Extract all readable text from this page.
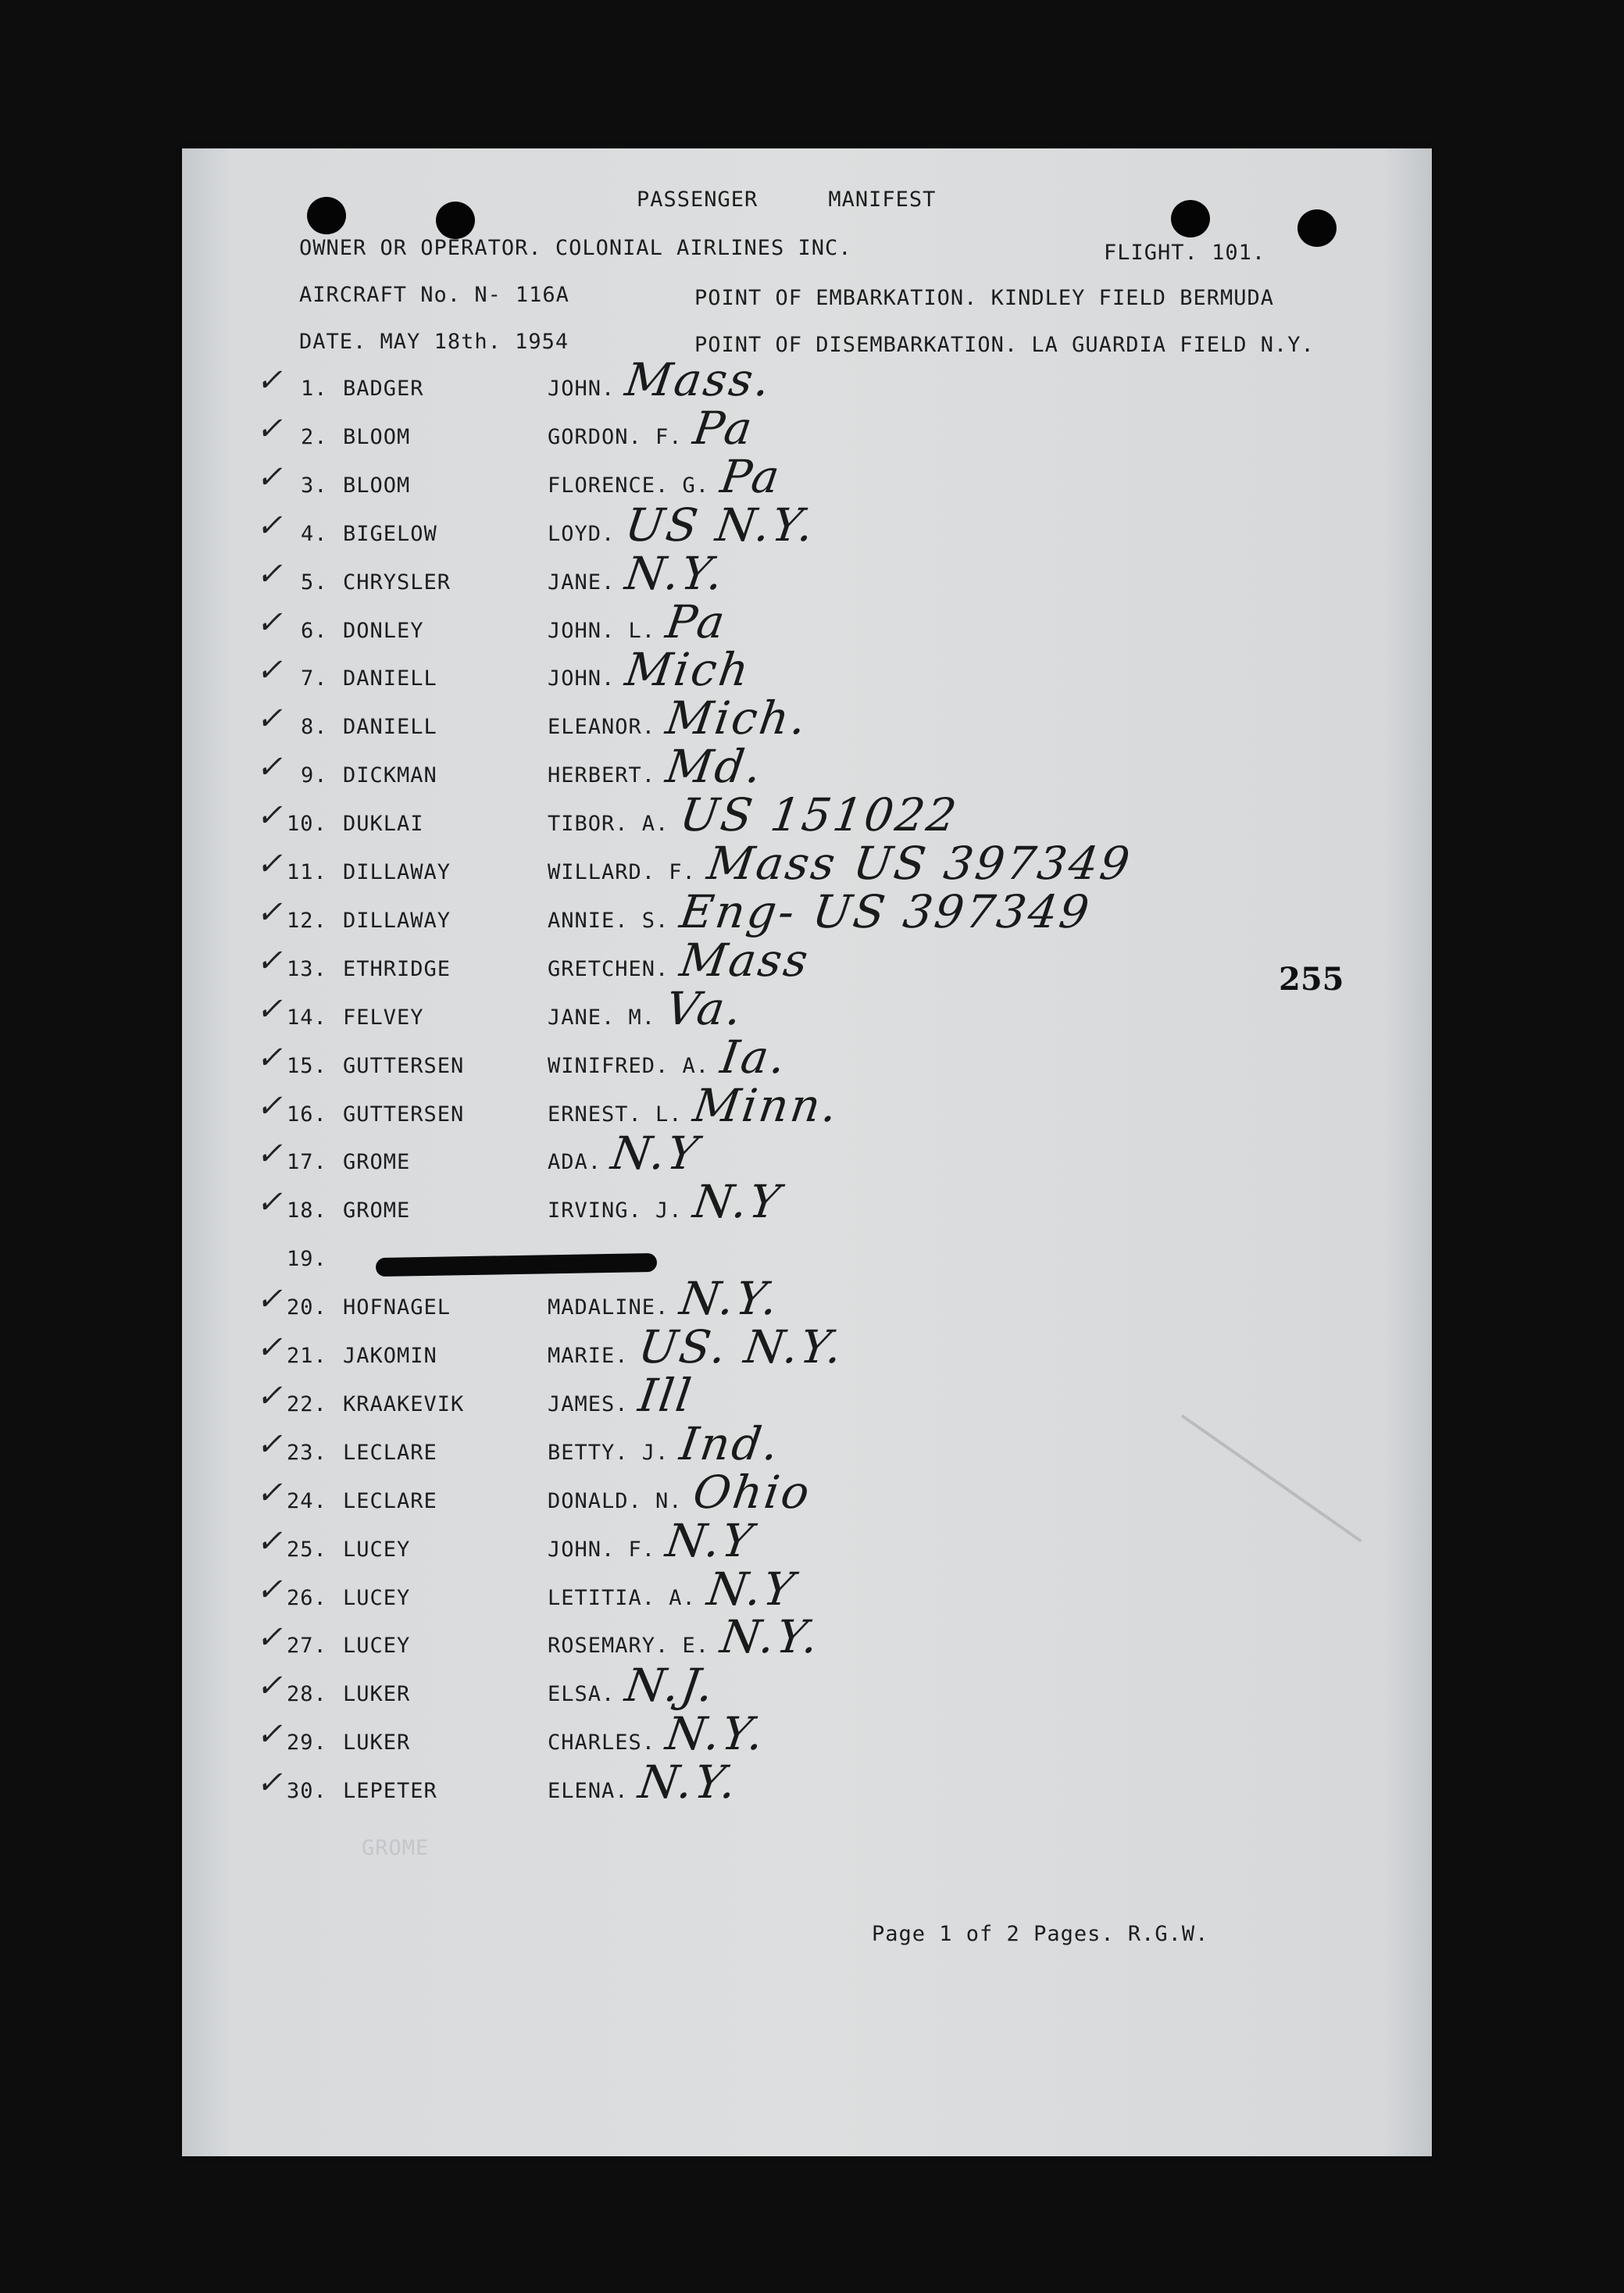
GROME
PASSENGER	MANIFEST
OWNER OR OPERATOR. COLONIAL AIRLINES INC.	FLIGHT. 101.
AIRCRAFT No. N- 116A	POINT OF EMBARKATION. KINDLEY FIELD BERMUDA
DATE. MAY 18th. 1954	POINT OF DISEMBARKATION. LA GUARDIA FIELD N.Y.
✓ 1. BADGER	JOHN. Mass.
✓ 2. BLOOM	GORDON. F. Pa
✓ 3. BLOOM	FLORENCE. G. Pa
✓ 4. BIGELOW	LOYD. US N.Y.
✓ 5. CHRYSLER	JANE. N.Y.
✓ 6. DONLEY	JOHN. L. Pa
✓ 7. DANIELL	JOHN. Mich
✓ 8. DANIELL	ELEANOR. Mich.
✓ 9. DICKMAN	HERBERT. Md.
✓ 10. DUKLAI	TIBOR. A. US 151022
✓ 11. DILLAWAY	WILLARD. F. Mass US 397349
✓ 12. DILLAWAY	ANNIE. S. Eng- US 397349
✓ 13. ETHRIDGE	GRETCHEN. Mass
✓ 14. FELVEY	JANE. M. Va.
✓ 15. GUTTERSEN	WINIFRED. A. Ia.
✓ 16. GUTTERSEN	ERNEST. L. Minn.
✓ 17. GROME	ADA. N.Y
✓ 18. GROME	IRVING. J. N.Y
19.
✓ 20. HOFNAGEL	MADALINE. N.Y.
✓ 21. JAKOMIN	MARIE. US. N.Y.
✓ 22. KRAAKEVIK	JAMES. Ill
✓ 23. LECLARE	BETTY. J. Ind.
✓ 24. LECLARE	DONALD. N. Ohio
✓ 25. LUCEY	JOHN. F. N.Y
✓ 26. LUCEY	LETITIA. A. N.Y
✓ 27. LUCEY	ROSEMARY. E. N.Y.
✓ 28. LUKER	ELSA. N.J.
✓ 29. LUKER	CHARLES. N.Y.
✓ 30. LEPETER	ELENA. N.Y.
255
Page 1 of 2 Pages. R.G.W.
